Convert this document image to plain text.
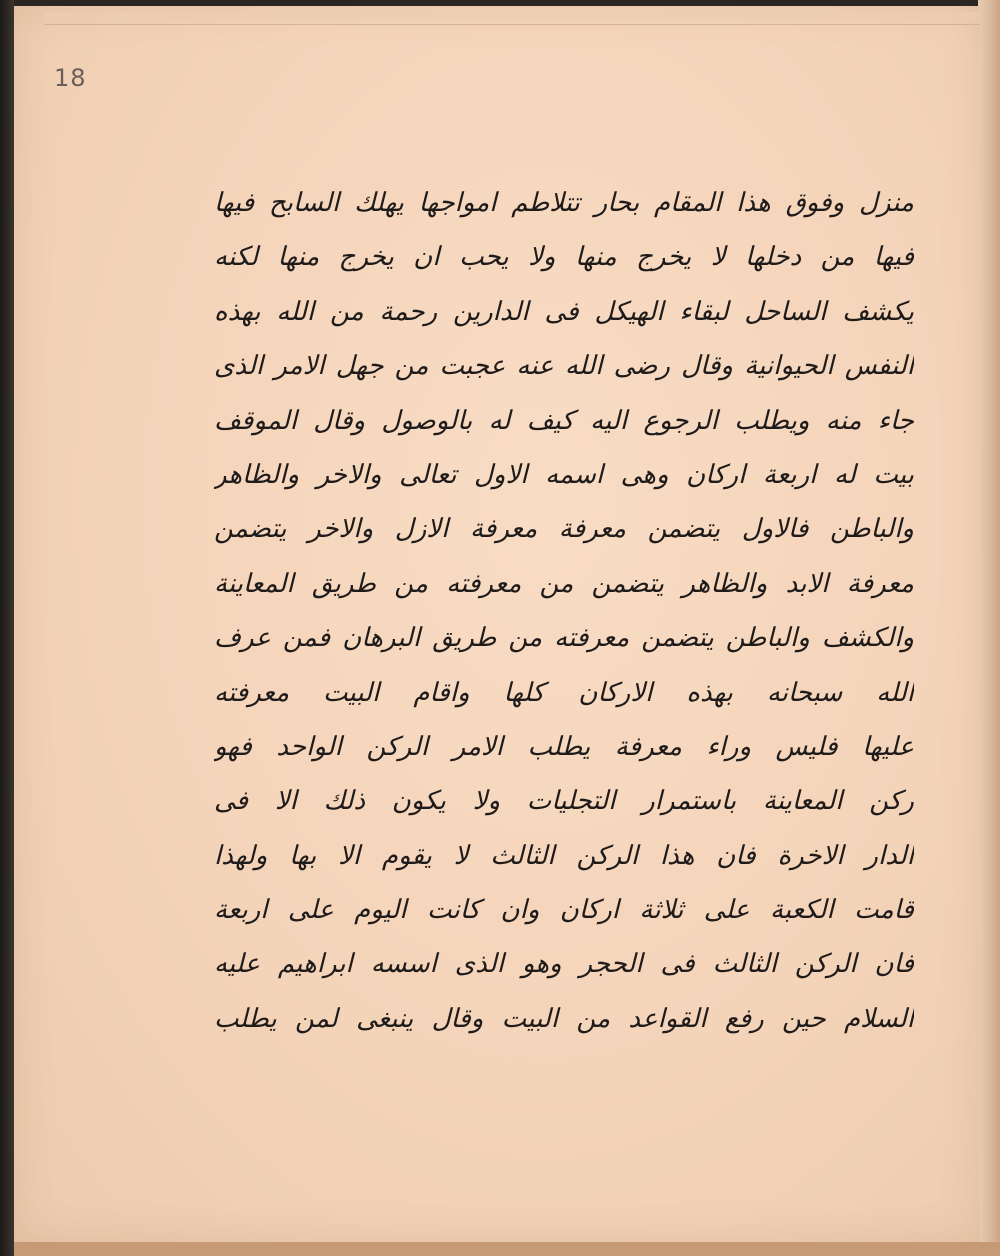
18
منزل وفوق هذا المقام بحار تتلاطم امواجها يهلك السابح فيها
فيها من دخلها لا يخرج منها ولا يحب ان يخرج منها لكنه
يكشف الساحل لبقاء الهيكل فى الدارين رحمة من الله بهذه
النفس الحيوانية وقال رضى الله عنه عجبت من جهل الامر الذى
جاء منه ويطلب الرجوع اليه كيف له بالوصول وقال الموقف
بيت له اربعة اركان وهى اسمه الاول تعالى والاخر والظاهر
والباطن فالاول يتضمن معرفة معرفة الازل والاخر يتضمن
معرفة الابد والظاهر يتضمن من معرفته من طريق المعاينة
والكشف والباطن يتضمن معرفته من طريق البرهان فمن عرف
الله سبحانه بهذه الاركان كلها واقام البيت معرفته
عليها فليس وراء معرفة يطلب الامر الركن الواحد فهو
ركن المعاينة باستمرار التجليات ولا يكون ذلك الا فى
الدار الاخرة فان هذا الركن الثالث لا يقوم الا بها ولهذا
قامت الكعبة على ثلاثة اركان وان كانت اليوم على اربعة
فان الركن الثالث فى الحجر وهو الذى اسسه ابراهيم عليه
السلام حين رفع القواعد من البيت وقال ينبغى لمن يطلب
